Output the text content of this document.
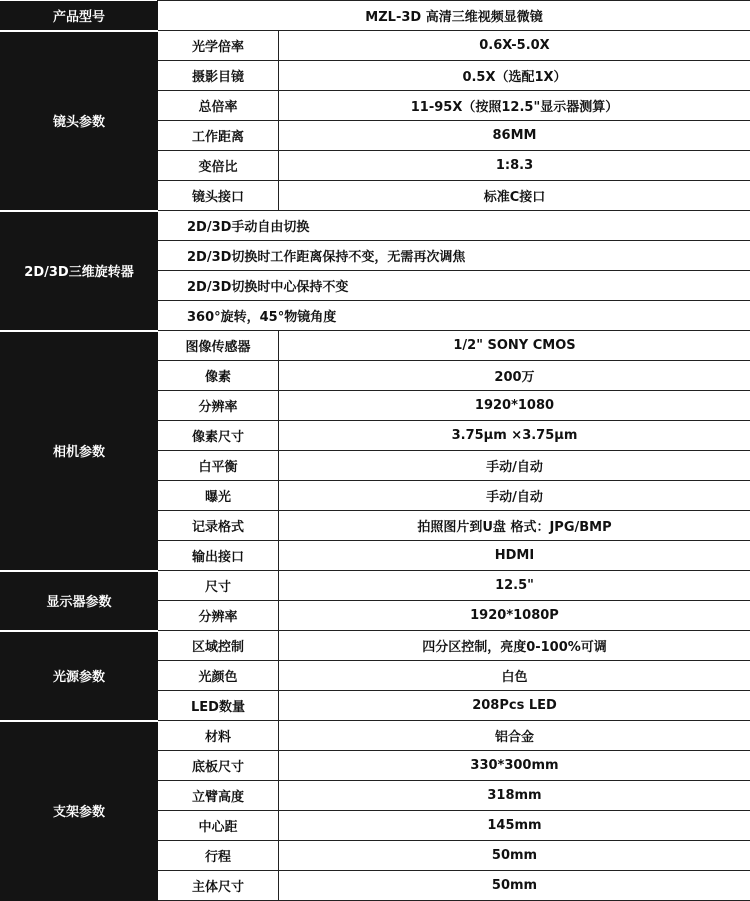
产品型号	MZL-3D 高清三维视频显微镜	
镜头参数	光学倍率	0.6X-5.0X
	摄影目镜	0.5X（选配1X）
	总倍率	11-95X（按照12.5"显示器测算）
	工作距离	86MM
	变倍比	1:8.3
	镜头接口	标准C接口
2D/3D三维旋转器	2D/3D手动自由切换	
	2D/3D切换时工作距离保持不变，无需再次调焦	
	2D/3D切换时中心保持不变	
	360°旋转，45°物镜角度	
相机参数	图像传感器	1/2" SONY CMOS
	像素	200万
	分辨率	1920*1080
	像素尺寸	3.75μm ×3.75μm
	白平衡	手动/自动
	曝光	手动/自动
	记录格式	拍照图片到U盘 格式：JPG/BMP
	输出接口	HDMI
显示器参数	尺寸	12.5"
	分辨率	1920*1080P
光源参数	区域控制	四分区控制，亮度0-100%可调
	光颜色	白色
	LED数量	208Pcs LED
支架参数	材料	铝合金
	底板尺寸	330*300mm
	立臂高度	318mm
	中心距	145mm
	行程	50mm
	主体尺寸	50mm
